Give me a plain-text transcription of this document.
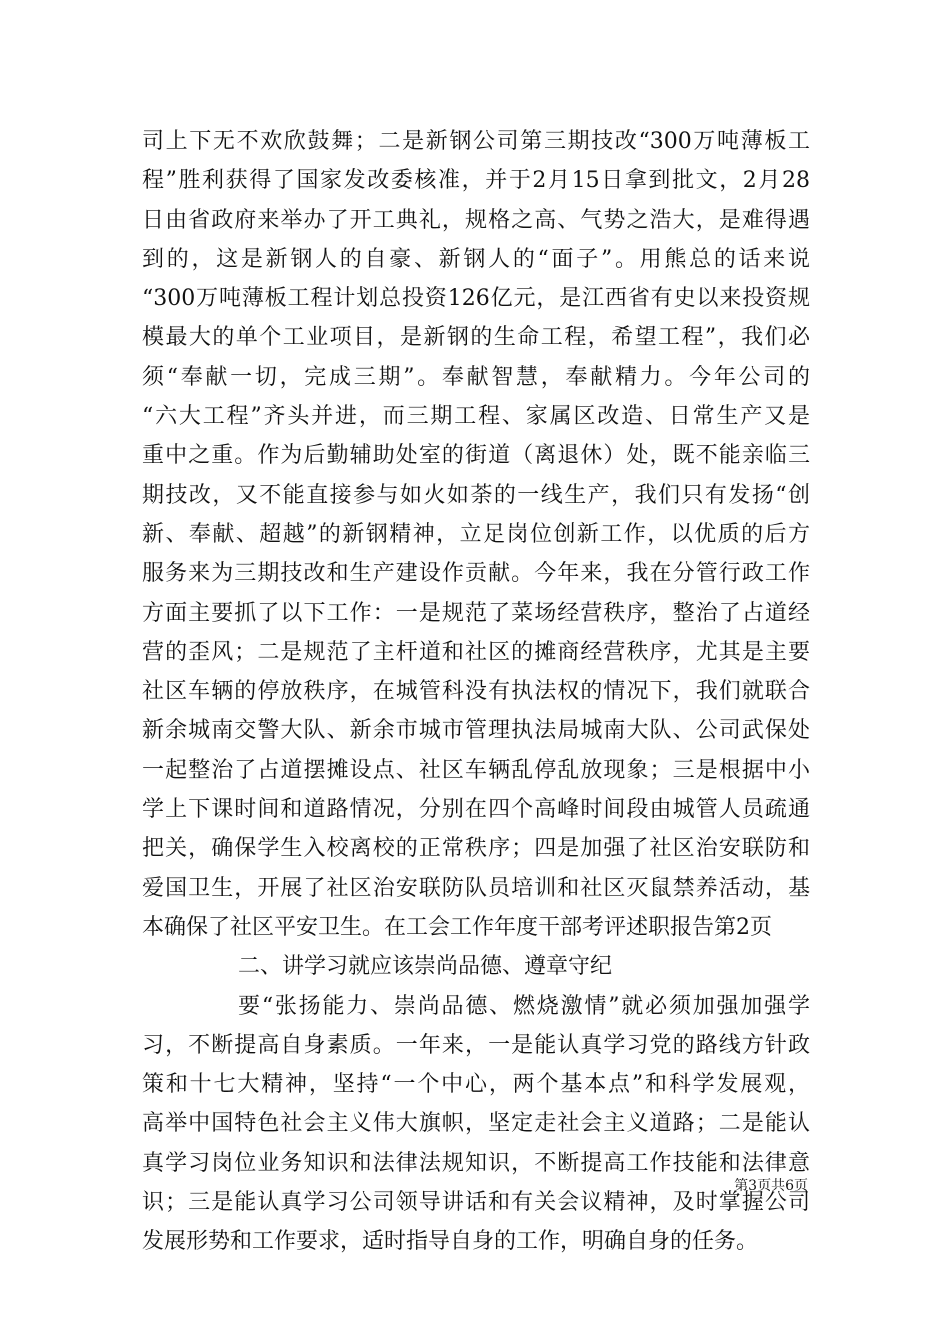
司上下无不欢欣鼓舞；二是新钢公司第三期技改“300万吨薄板工
程”胜利获得了国家发改委核准，并于2月15日拿到批文，2月28
日由省政府来举办了开工典礼，规格之高、气势之浩大，是难得遇
到的，这是新钢人的自豪、新钢人的“面子”。用熊总的话来说
“300万吨薄板工程计划总投资126亿元，是江西省有史以来投资规
模最大的单个工业项目，是新钢的生命工程，希望工程”，我们必
须“奉献一切，完成三期”。奉献智慧，奉献精力。今年公司的
“六大工程”齐头并进，而三期工程、家属区改造、日常生产又是
重中之重。作为后勤辅助处室的街道（离退休）处，既不能亲临三
期技改，又不能直接参与如火如荼的一线生产，我们只有发扬“创
新、奉献、超越”的新钢精神，立足岗位创新工作，以优质的后方
服务来为三期技改和生产建设作贡献。今年来，我在分管行政工作
方面主要抓了以下工作：一是规范了菜场经营秩序，整治了占道经
营的歪风；二是规范了主杆道和社区的摊商经营秩序，尤其是主要
社区车辆的停放秩序，在城管科没有执法权的情况下，我们就联合
新余城南交警大队、新余市城市管理执法局城南大队、公司武保处
一起整治了占道摆摊设点、社区车辆乱停乱放现象；三是根据中小
学上下课时间和道路情况，分别在四个高峰时间段由城管人员疏通
把关，确保学生入校离校的正常秩序；四是加强了社区治安联防和
爱国卫生，开展了社区治安联防队员培训和社区灭鼠禁养活动，基
本确保了社区平安卫生。在工会工作年度干部考评述职报告第2页
二、讲学习就应该崇尚品德、遵章守纪
要“张扬能力、崇尚品德、燃烧激情”就必须加强加强学
习，不断提高自身素质。一年来，一是能认真学习党的路线方针政
策和十七大精神，坚持“一个中心，两个基本点”和科学发展观，
高举中国特色社会主义伟大旗帜，坚定走社会主义道路；二是能认
真学习岗位业务知识和法律法规知识，不断提高工作技能和法律意
识；三是能认真学习公司领导讲话和有关会议精神，及时掌握公司
发展形势和工作要求，适时指导自身的工作，明确自身的任务。
第3页共6页
